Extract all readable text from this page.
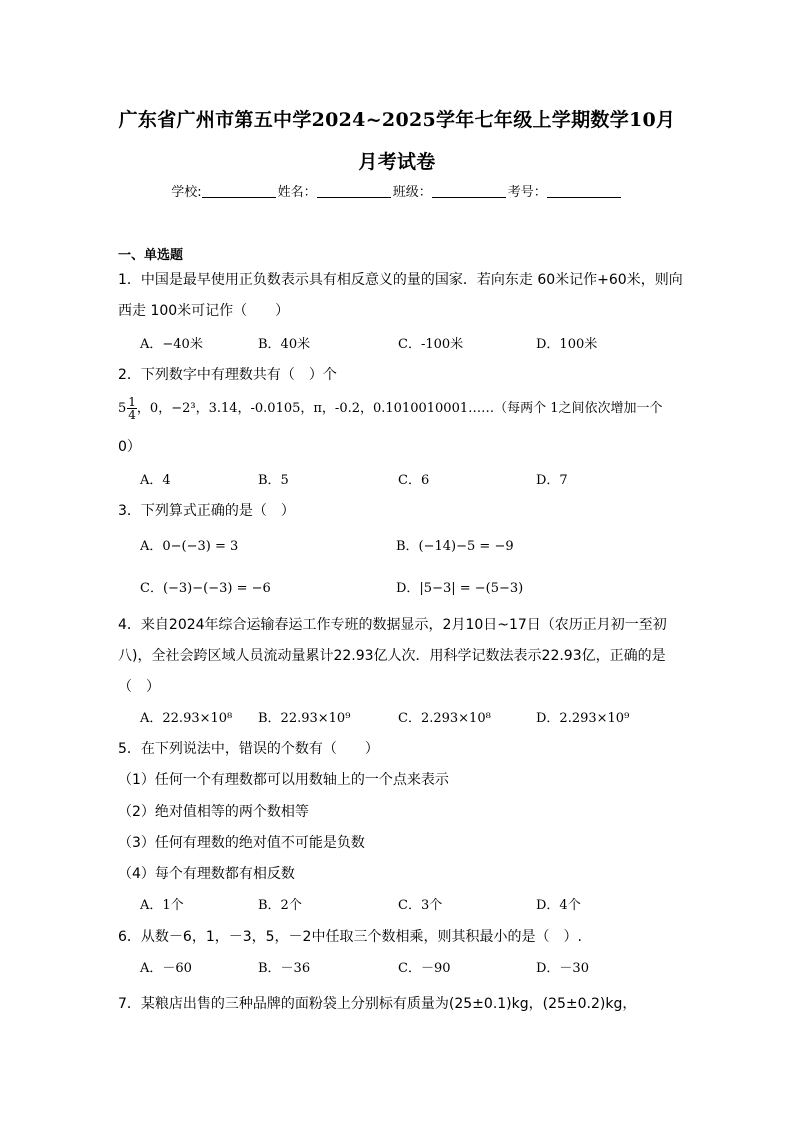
广东省广州市第五中学2024~2025学年七年级上学期数学10月
月考试卷
学校:	姓名：	班级：	考号：
一、单选题
1．中国是最早使用正负数表示具有相反意义的量的国家．若向东走 60米记作+60米，则向
西走 100米可记作（　　）
A．−40米	B．40米	C．-100米	D．100米
2．下列数字中有理数共有（　）个
$5 \frac{1}{4}$ ，0，−2³，3.14，-0.0105，π，-0.2，0.1010010001……（每两个 1之间依次增加一个
0）
A．4	B．5	C．6	D．7
3．下列算式正确的是（　）
A．0−(−3) = 3	B．(−14)−5 = −9
C．(−3)−(−3) = −6	D．|5−3| = −(5−3)
4．来自2024年综合运输春运工作专班的数据显示，2月10日~17日（农历正月初一至初
八)，全社会跨区域人员流动量累计22.93亿人次．用科学记数法表示22.93亿，正确的是
（　）
A．22.93×10⁸ B．22.93×10⁹	C．2.293×10⁸	D．2.293×10⁹
5．在下列说法中，错误的个数有（　　）
（1）任何一个有理数都可以用数轴上的一个点来表示
（2）绝对值相等的两个数相等
（3）任何有理数的绝对值不可能是负数
（4）每个有理数都有相反数
A．1个	B．2个	C．3个	D．4个
6．从数－6，1，－3，5，－2中任取三个数相乘，则其积最小的是（　）.
A．－60	B．－36	C．－90	D．－30
7．某粮店出售的三种品牌的面粉袋上分别标有质量为(25±0.1)kg，(25±0.2)kg，
